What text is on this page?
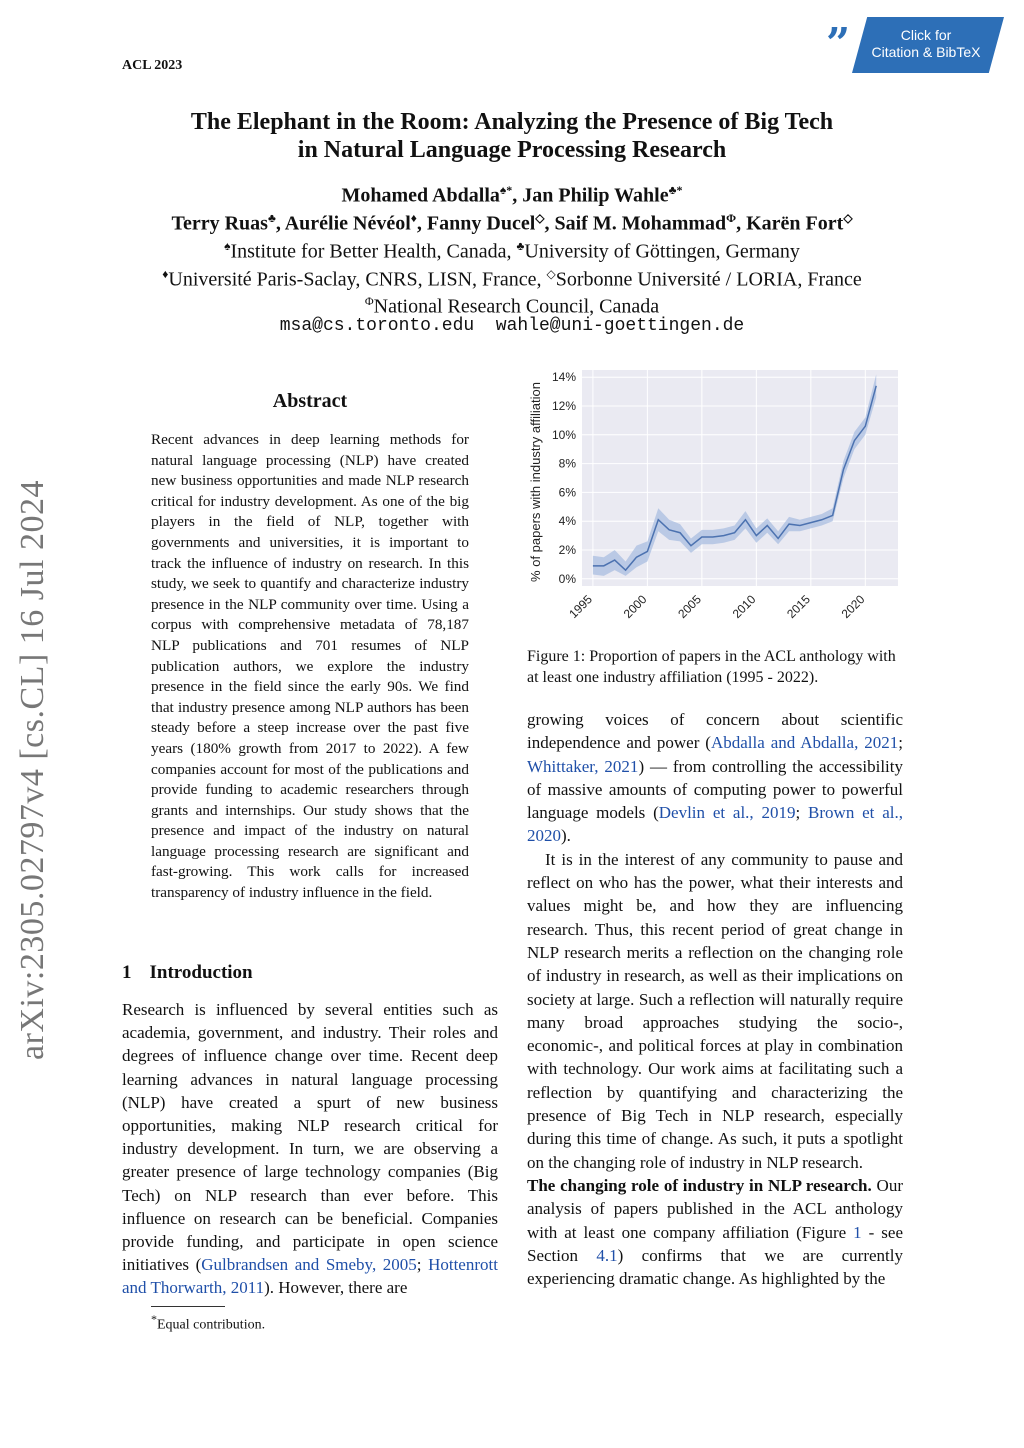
ACL 2023	”	Click for
Citation & BibTeX
The Elephant in the Room: Analyzing the Presence of Big Tech
in Natural Language Processing Research
Mohamed Abdalla♠*, Jan Philip Wahle♣*
Terry Ruas♣, Aurélie Névéol♦, Fanny Ducel◇, Saif M. Mohammad$^\Phi$, Karën Fort◇
♠Institute for Better Health, Canada, ♣University of Göttingen, Germany
♦Université Paris-Saclay, CNRS, LISN, France, ◇Sorbonne Université / LORIA, France
$^\Phi$National Research Council, Canada
msa@cs.toronto.edu  wahle@uni-goettingen.de
arXiv:2305.02797v4 [cs.CL] 16 Jul 2024
Abstract
Recent advances in deep learning methods for natural language processing (NLP) have created new business opportunities and made NLP research critical for industry development. As one of the big players in the field of NLP, together with governments and universities, it is important to track the influence of industry on research. In this study, we seek to quantify and characterize industry presence in the NLP community over time. Using a corpus with comprehensive metadata of 78,187 NLP publications and 701 resumes of NLP publication authors, we explore the industry presence in the field since the early 90s. We find that industry presence among NLP authors has been steady before a steep increase over the past five years (180% growth from 2017 to 2022). A few companies account for most of the publications and provide funding to academic researchers through grants and internships. Our study shows that the presence and impact of the industry on natural language processing research are significant and fast-growing. This work calls for increased transparency of industry influence in the field.
1 Introduction
Research is influenced by several entities such as academia, government, and industry. Their roles and degrees of influence change over time. Recent deep learning advances in natural language processing (NLP) have created a spurt of new business opportunities, making NLP research critical for industry development. In turn, we are observing a greater presence of large technology companies (Big Tech) on NLP research than ever before. This influence on research can be beneficial. Companies provide funding, and participate in open science initiatives (Gulbrandsen and Smeby, 2005; Hottenrott and Thorwarth, 2011). However, there are
*Equal contribution.
0%
2%
4%
6%
8%
10%
12%
14%
1995 2000 2005 2010 2015 2020
% of papers with industry affiliation
Figure 1: Proportion of papers in the ACL anthology with at least one industry affiliation (1995 - 2022).

growing voices of concern about scientific independence and power (Abdalla and Abdalla, 2021; Whittaker, 2021) — from controlling the accessibility of massive amounts of computing power to powerful language models (Devlin et al., 2019; Brown et al., 2020).

It is in the interest of any community to pause and reflect on who has the power, what their interests and values might be, and how they are influencing research. Thus, this recent period of great change in NLP research merits a reflection on the changing role of industry in research, as well as their implications on society at large. Such a reflection will naturally require many broad approaches studying the socio-, economic-, and political forces at play in combination with technology. Our work aims at facilitating such a reflection by quantifying and characterizing the presence of Big Tech in NLP research, especially during this time of change. As such, it puts a spotlight on the changing role of industry in NLP research.

The changing role of industry in NLP research. Our analysis of papers published in the ACL anthology with at least one company affiliation (Figure 1 - see Section 4.1) confirms that we are currently experiencing dramatic change. As highlighted by the
